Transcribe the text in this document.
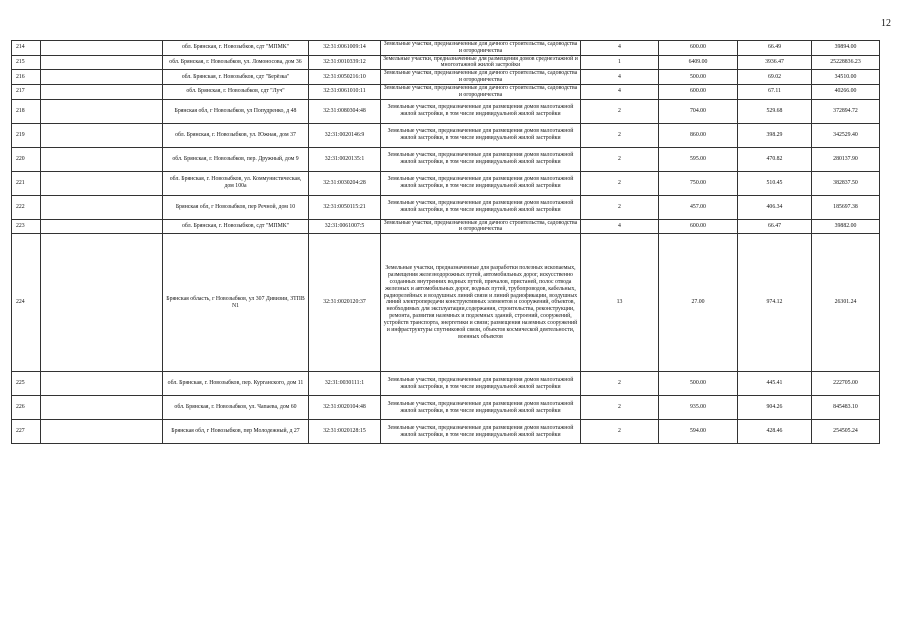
12
214		обл. Брянская, г. Новозыбков, сдт "МПМК"	32:31:0061009:14	Земельные участки, предназначенные для дачного строительства, садоводства и огородничества	4	600.00	66.49	39894.00
215		обл. Брянская, г. Новозыбков, ул. Ломоносова, дом 36	32:31:0010339:12	Земельные участки, предназначенные для размещения домов среднеэтажной и многоэтажной жилой застройки	1	6409.00	3936.47	25228836.23
216		обл. Брянская, г. Новозыбков, сдт "Берёзка"	32:31:0050216:10	Земельные участки, предназначенные для дачного строительства, садоводства и огородничества	4	500.00	69.02	34510.00
217		обл. Брянская, г. Новозыбков, сдт "Луч"	32:31:0061010:11	Земельные участки, предназначенные для дачного строительства, садоводства и огородничества	4	600.00	67.11	40266.00
218		Брянская обл, г Новозыбков, ул Попудренко, д 48	32:31:0080304:48	Земельные участки, предназначенные для размещения домов малоэтажной жилой застройки, в том числе индивидуальной жилой застройки	2	704.00	529.68	372894.72
219		обл. Брянская, г. Новозыбков, ул. Южная, дом 37	32:31:0020146:9	Земельные участки, предназначенные для размещения домов малоэтажной жилой застройки, в том числе индивидуальной жилой застройки	2	860.00	398.29	342529.40
220		обл. Брянская, г. Новозыбков, пер. Дружный, дом 9	32:31:0020135:1	Земельные участки, предназначенные для размещения домов малоэтажной жилой застройки, в том числе индивидуальной жилой застройки	2	595.00	470.82	280137.90
221		обл. Брянская, г. Новозыбков, ул. Коммунистическая, дом 100а	32:31:0030204:28	Земельные участки, предназначенные для размещения домов малоэтажной жилой застройки, в том числе индивидуальной жилой застройки	2	750.00	510.45	382837.50
222		Брянская обл, г Новозыбков, пер Речной, дом 10	32:31:0050115:21	Земельные участки, предназначенные для размещения домов малоэтажной жилой застройки, в том числе индивидуальной жилой застройки	2	457.00	406.34	185697.38
223		обл. Брянская, г. Новозыбков, сдт "МПМК"	32:31:0061007:5	Земельные участки, предназначенные для дачного строительства, садоводства и огородничества	4	600.00	66.47	39882.00
224		Брянская область, г Новозыбков, ул 307 Дивизии, ЗТПВ N1	32:31:0020120:37	Земельные участки, предназначенные для разработки полезных ископаемых, размещения железнодорожных путей, автомобильных дорог, искусственно созданных внутренних водных путей, причалов, пристаней, полос отвода железных и автомобильных дорог, водных путей, трубопроводов, кабельных, радиорелейных и воздушных линий связи и линий радиофикации, воздушных линий электропередачи конструктивных элементов и сооружений, объектов, необходимых для эксплуатации,содержания, строительства, реконструкции, ремонта, развития наземных и подземных зданий, строений, сооружений, устройств транспорта, энергетики и связи; размещения наземных сооружений и инфраструктуры спутниковой связи, объектов космической деятельности, военных объектов	13	27.00	974.12	26301.24
225		обл. Брянская, г. Новозыбков, пер. Курганского, дом 11	32:31:0030111:1	Земельные участки, предназначенные для размещения домов малоэтажной жилой застройки, в том числе индивидуальной жилой застройки	2	500.00	445.41	222705.00
226		обл. Брянская, г. Новозыбков, ул. Чапаева, дом 60	32:31:0020104:48	Земельные участки, предназначенные для размещения домов малоэтажной жилой застройки, в том числе индивидуальной жилой застройки	2	935.00	904.26	845483.10
227		Брянская обл, г Новозыбков, пер Молодежный, д 27	32:31:0020128:15	Земельные участки, предназначенные для размещения домов малоэтажной жилой застройки, в том числе индивидуальной жилой застройки	2	594.00	428.46	254505.24
